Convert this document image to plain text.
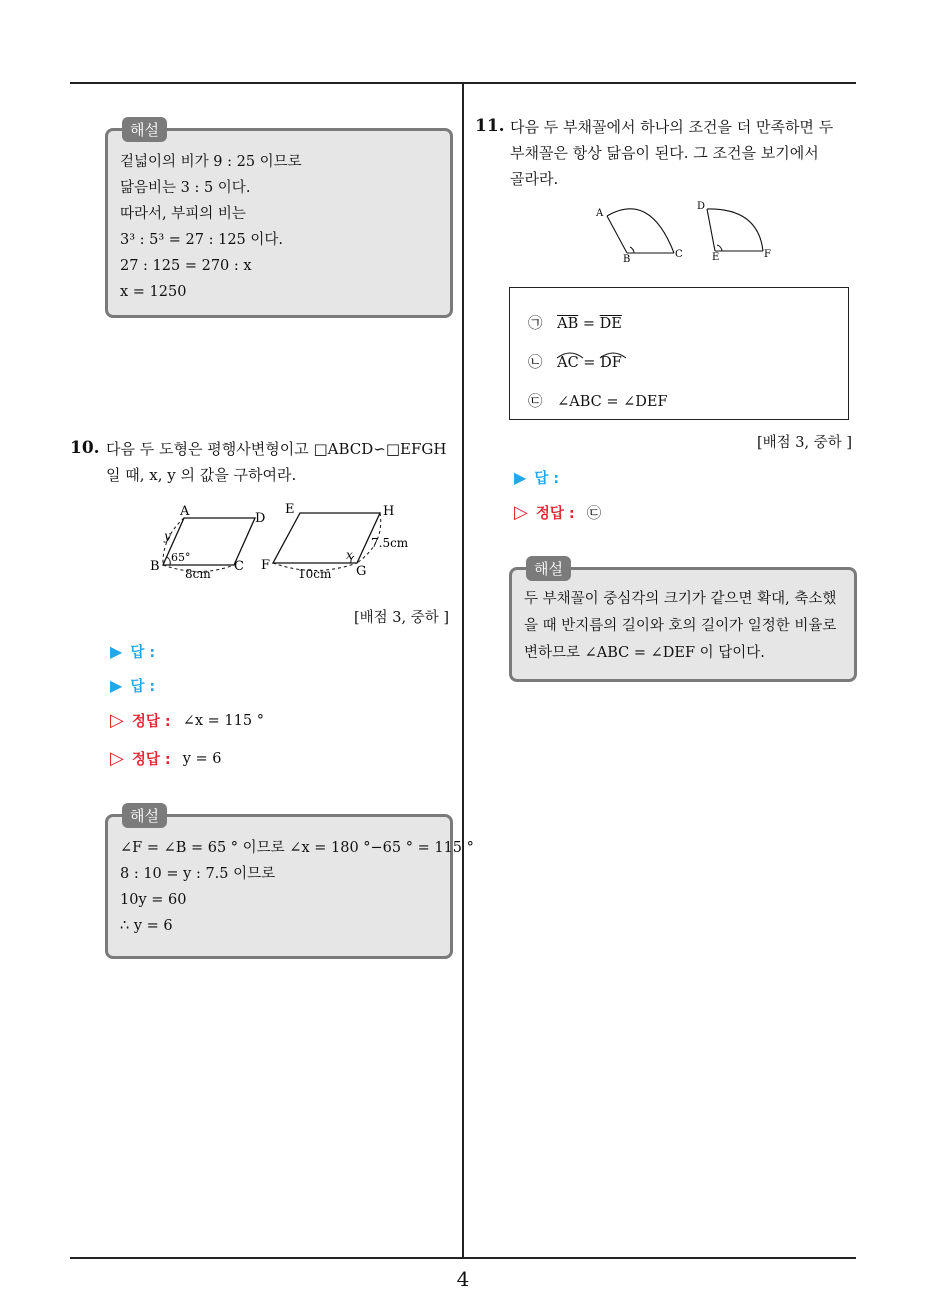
해설
겉넓이의 비가 9 : 25 이므로
닮음비는 3 : 5 이다.
따라서, 부피의 비는
3³ : 5³ = 27 : 125 이다.
27 : 125 = 270 : x
x = 1250
10. 다음 두 도형은 평행사변형이고 □ABCD∽□EFGH
일 때, x, y 의 값을 구하여라.
A	D
B	C
y
65°
8cm
E	H
F	G
x
10cm
7.5cm
[배점 3, 중하 ]
▶ 답 :
▶ 답 :
▷ 정답 : ∠x = 115 °
▷ 정답 : y = 6
해설
∠F = ∠B = 65 ° 이므로 ∠x = 180 °−65 ° = 115 °
8 : 10 = y : 7.5 이므로
10y = 60
∴ y = 6
11. 다음 두 부채꼴에서 하나의 조건을 더 만족하면 두
부채꼴은 항상 닮음이 된다. 그 조건을 보기에서
골라라.
A
B	C
D
E	F
㉠ $\overline{AB} = \overline{DE}$
㉡ AC =
DF
㉢ ∠ABC = ∠DEF
[배점 3, 중하 ]
▶ 답 :
▷ 정답 : ㉢
해설
두 부채꼴이 중심각의 크기가 같으면 확대, 축소했
을 때 반지름의 길이와 호의 길이가 일정한 비율로
변하므로 ∠ABC = ∠DEF 이 답이다.
4
